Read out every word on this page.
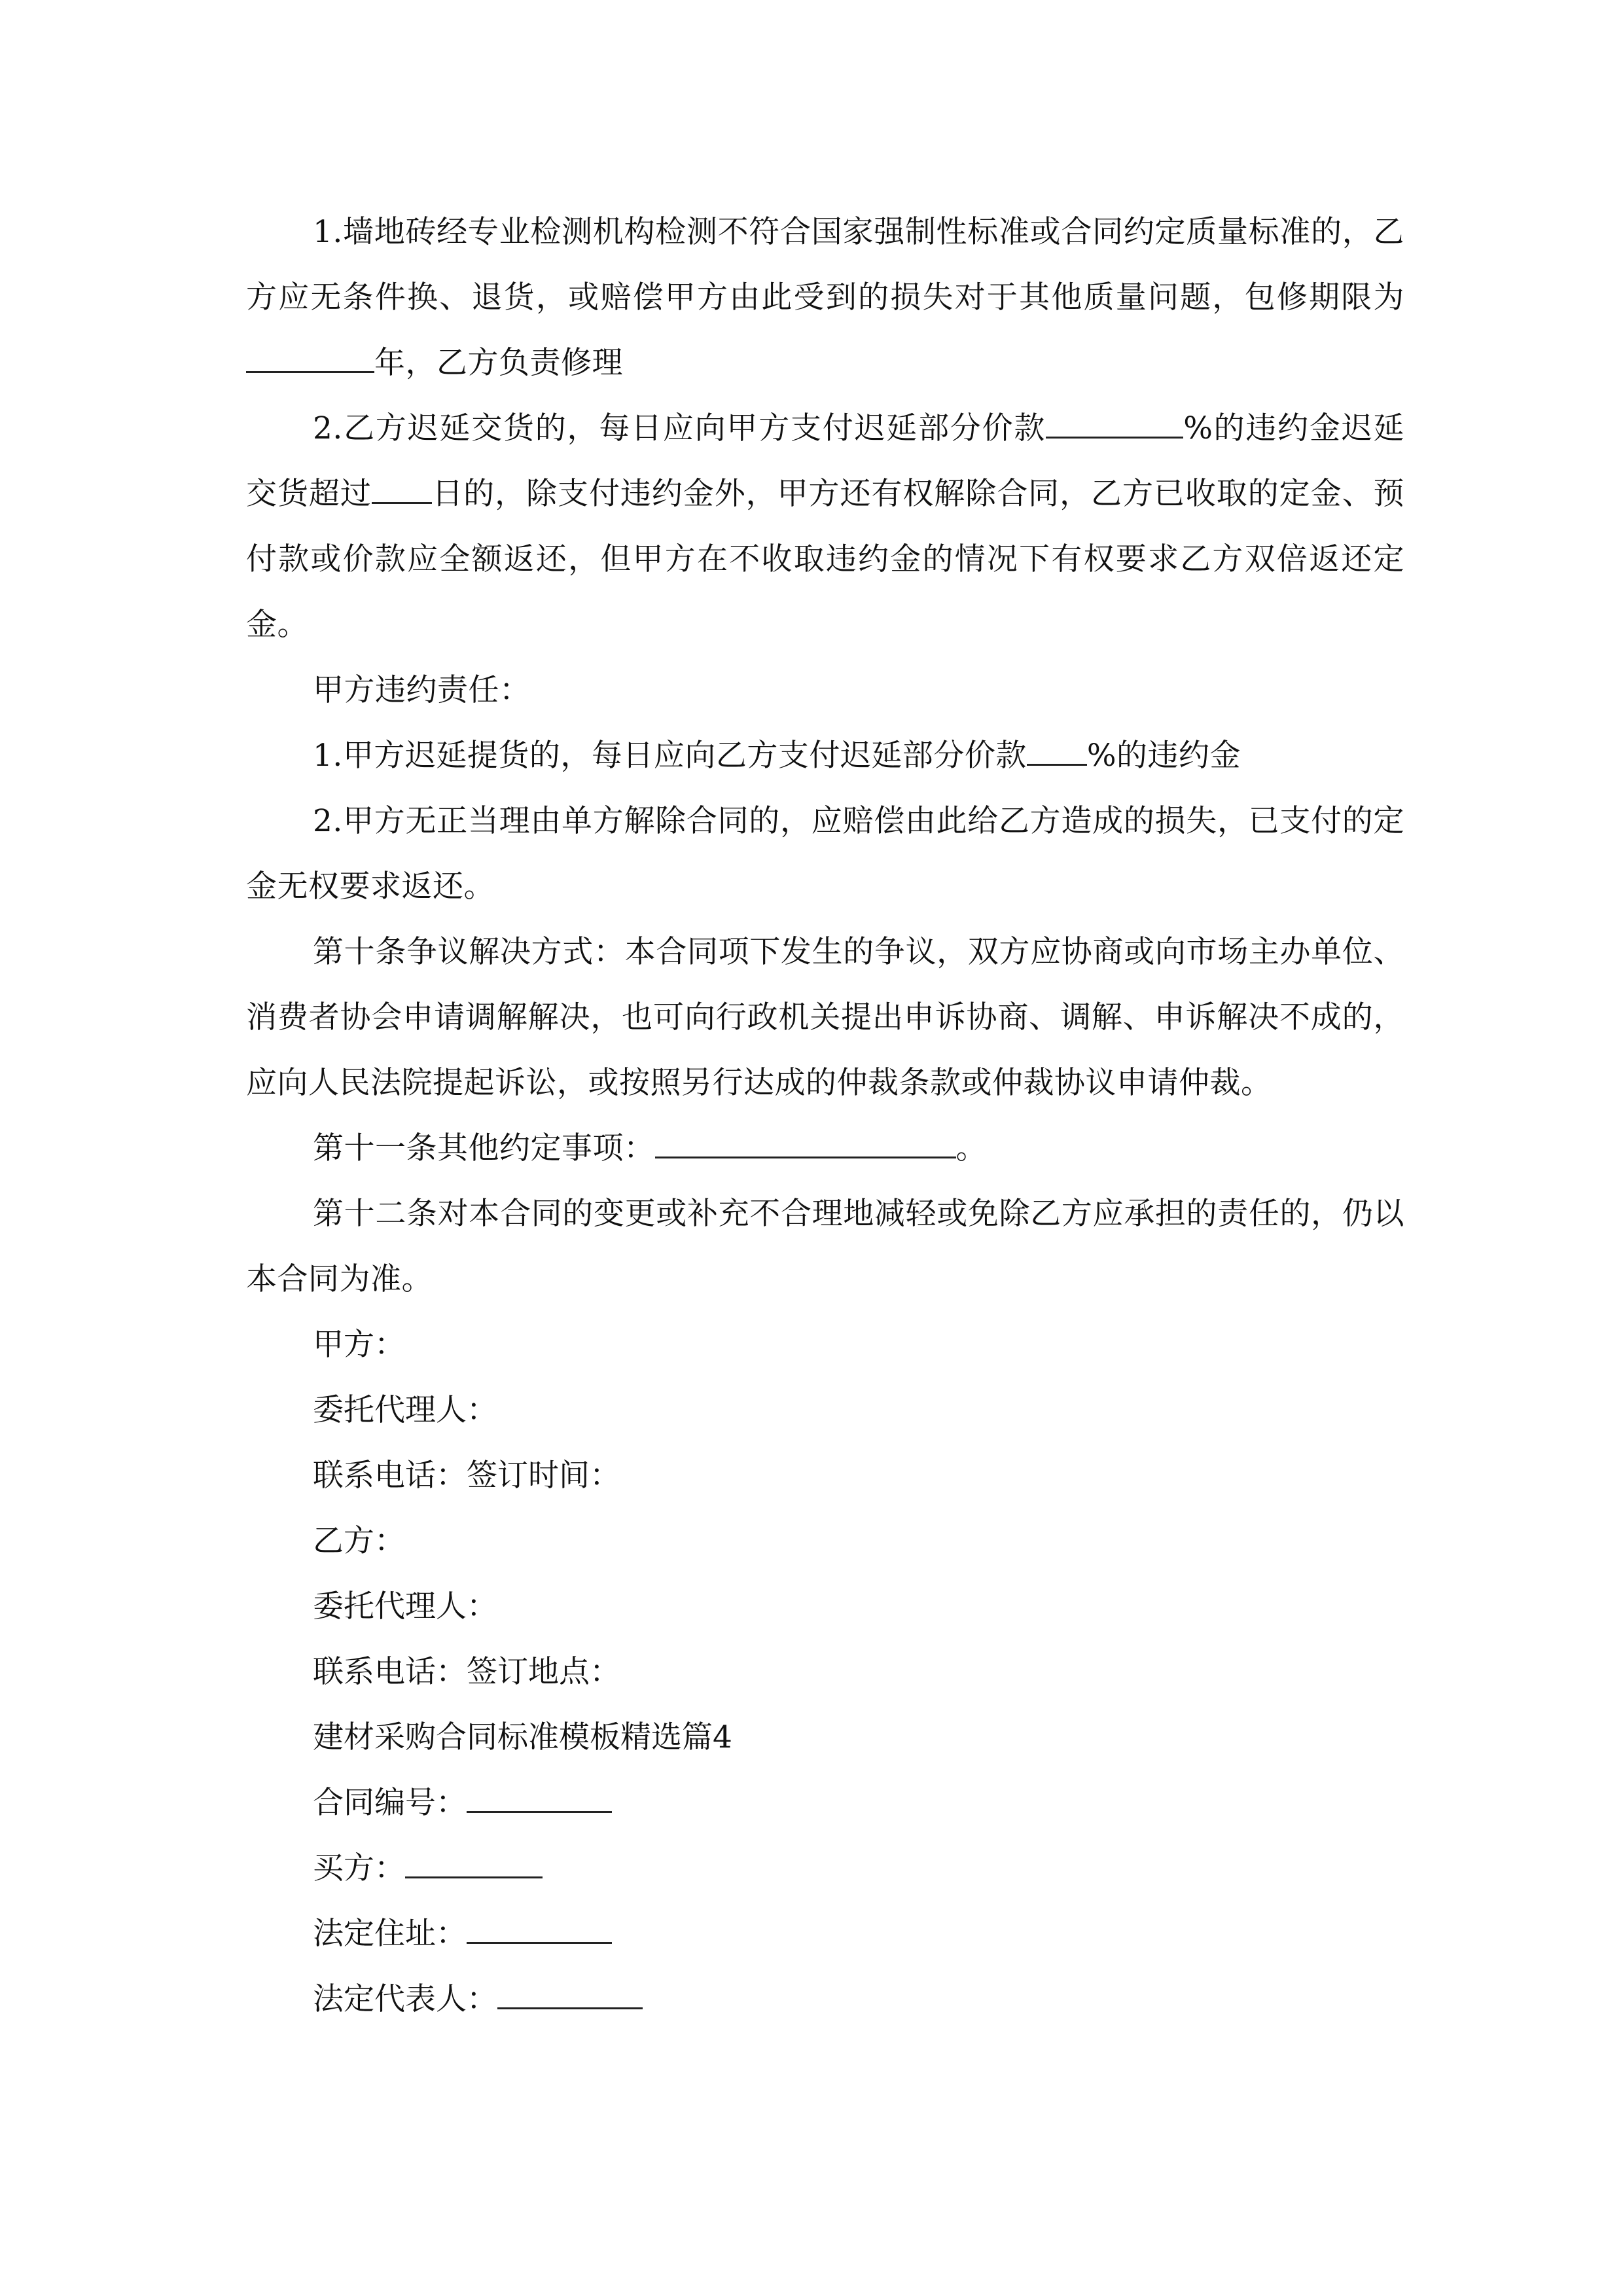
1.墙地砖经专业检测机构检测不符合国家强制性标准或合同约定质量标准的，乙方应无条件换、退货，或赔偿甲方由此受到的损失对于其他质量问题，包修期限为年，乙方负责修理

2.乙方迟延交货的，每日应向甲方支付迟延部分价款	%的违约金迟延交货超过 日的，除支付违约金外，甲方还有权解除合同，乙方已收取的定金、预付款或价款应全额返还，但甲方在不收取违约金的情况下有权要求乙方双倍返还定金。

甲方违约责任：

1.甲方迟延提货的，每日应向乙方支付迟延部分价款 %的违约金

2.甲方无正当理由单方解除合同的，应赔偿由此给乙方造成的损失，已支付的定金无权要求返还。

第十条争议解决方式：本合同项下发生的争议，双方应协商或向市场主办单位、消费者协会申请调解解决，也可向行政机关提出申诉协商、调解、申诉解决不成的，应向人民法院提起诉讼，或按照另行达成的仲裁条款或仲裁协议申请仲裁。

第十一条其他约定事项：	。

第十二条对本合同的变更或补充不合理地减轻或免除乙方应承担的责任的，仍以本合同为准。

甲方：

委托代理人：

联系电话：签订时间：

乙方：

委托代理人：

联系电话：签订地点：

建材采购合同标准模板精选篇4

合同编号：

买方：

法定住址：

法定代表人：
